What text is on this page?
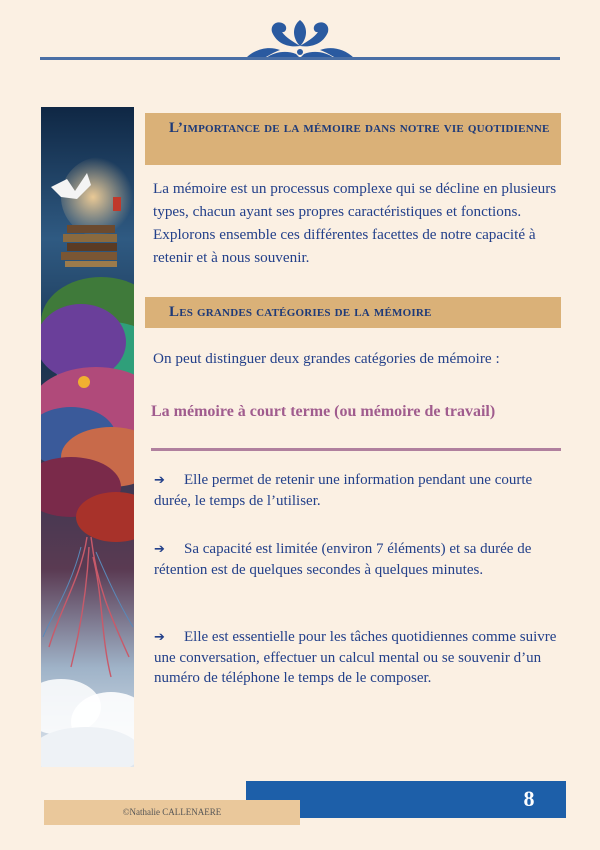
L’importance de la mémoire dans notre vie quotidienne
La mémoire est un processus complexe qui se décline en plusieurs types, chacun ayant ses propres caractéristiques et fonctions. Explorons ensemble ces différentes facettes de notre capacité à retenir et à nous souvenir.
Les grandes catégories de la mémoire
On peut distinguer deux grandes catégories de mémoire :
La mémoire à court terme (ou mémoire de travail)
➔ Elle permet de retenir une information pendant une courte durée, le temps de l’utiliser.
➔ Sa capacité est limitée (environ 7 éléments) et sa durée de rétention est de quelques secondes à quelques minutes.
➔ Elle est essentielle pour les tâches quotidiennes comme suivre une conversation, effectuer un calcul mental ou se souvenir d’un numéro de téléphone le temps de le composer.
8
©Nathalie CALLENAERE
